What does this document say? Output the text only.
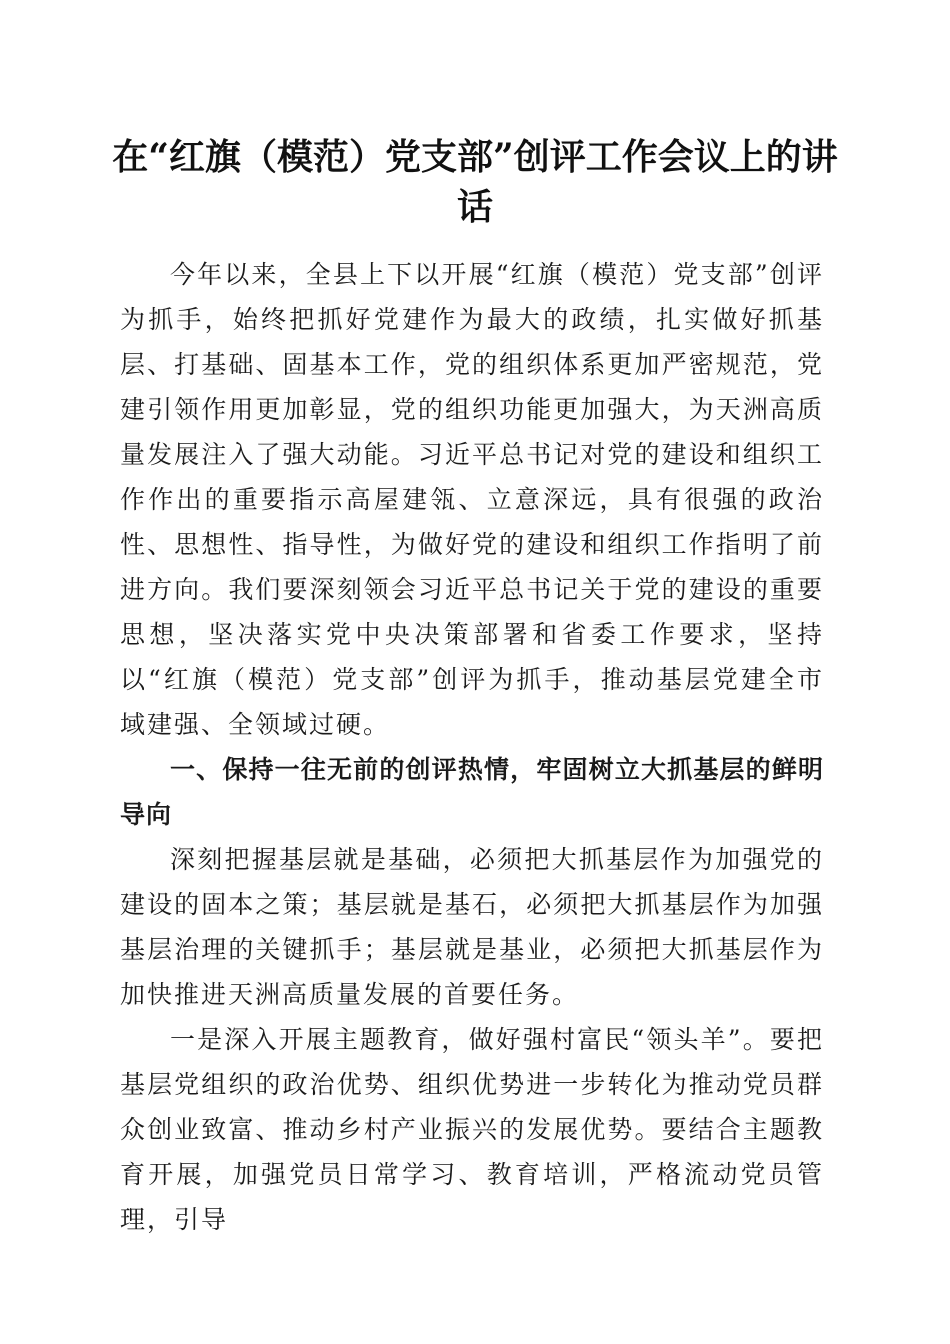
在“红旗（模范）党支部”创评工作会议上的讲话

今年以来，全县上下以开展“红旗（模范）党支部”创评为抓手，始终把抓好党建作为最大的政绩，扎实做好抓基层、打基础、固基本工作，党的组织体系更加严密规范，党建引领作用更加彰显，党的组织功能更加强大，为天洲高质量发展注入了强大动能。习近平总书记对党的建设和组织工作作出的重要指示高屋建瓴、立意深远，具有很强的政治性、思想性、指导性，为做好党的建设和组织工作指明了前进方向。我们要深刻领会习近平总书记关于党的建设的重要思想，坚决落实党中央决策部署和省委工作要求，坚持以“红旗（模范）党支部”创评为抓手，推动基层党建全市域建强、全领域过硬。

一、保持一往无前的创评热情，牢固树立大抓基层的鲜明导向

深刻把握基层就是基础，必须把大抓基层作为加强党的建设的固本之策；基层就是基石，必须把大抓基层作为加强基层治理的关键抓手；基层就是基业，必须把大抓基层作为加快推进天洲高质量发展的首要任务。

一是深入开展主题教育，做好强村富民“领头羊”。要把基层党组织的政治优势、组织优势进一步转化为推动党员群众创业致富、推动乡村产业振兴的发展优势。要结合主题教育开展，加强党员日常学习、教育培训，严格流动党员管理，引导
